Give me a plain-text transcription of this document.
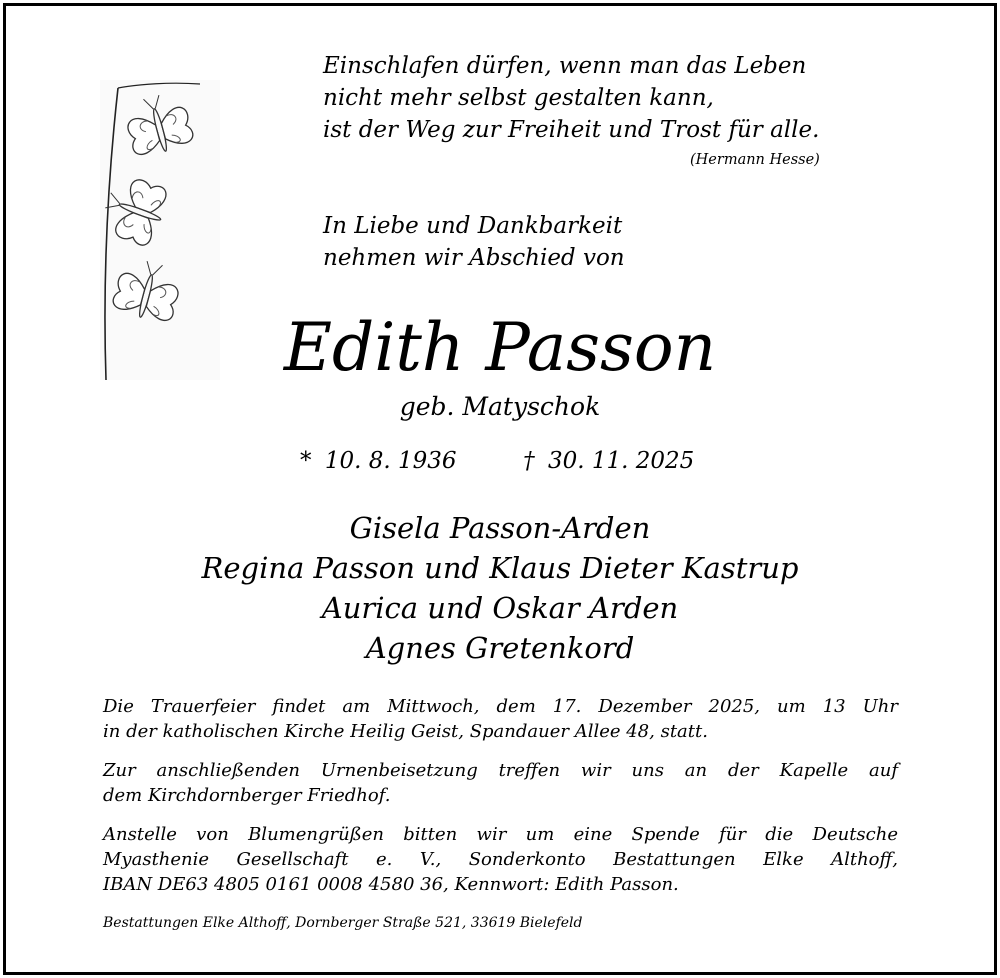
Einschlafen dürfen, wenn man das Leben
nicht mehr selbst gestalten kann,
ist der Weg zur Freiheit und Trost für alle.
(Hermann Hesse)
In Liebe und Dankbarkeit
nehmen wir Abschied von
Edith Passon
geb. Matyschok
* 10. 8. 1936	† 30. 11. 2025
Gisela Passon-Arden
Regina Passon und Klaus Dieter Kastrup
Aurica und Oskar Arden
Agnes Gretenkord
Die Trauerfeier findet am Mittwoch, dem 17. Dezember 2025, um 13 Uhr
in der katholischen Kirche Heilig Geist, Spandauer Allee 48, statt.
Zur anschließenden Urnenbeisetzung treffen wir uns an der Kapelle auf
dem Kirchdornberger Friedhof.
Anstelle von Blumengrüßen bitten wir um eine Spende für die Deutsche
Myasthenie Gesellschaft e. V., Sonderkonto Bestattungen Elke Althoff,
IBAN DE63 4805 0161 0008 4580 36, Kennwort: Edith Passon.
Bestattungen Elke Althoff, Dornberger Straße 521, 33619 Bielefeld
